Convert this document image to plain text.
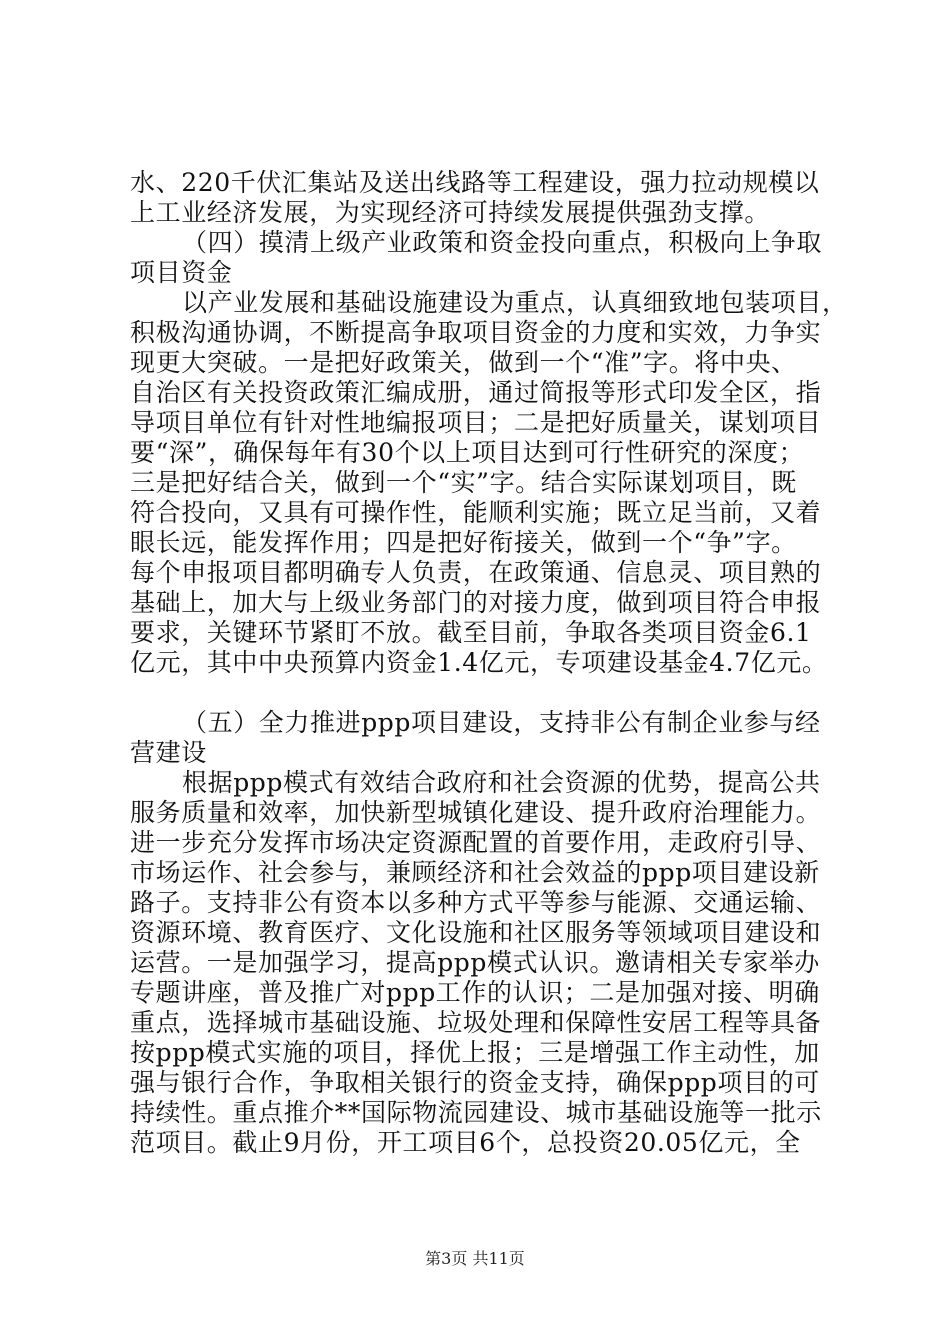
水、220千伏汇集站及送出线路等工程建设，强力拉动规模以
上工业经济发展，为实现经济可持续发展提供强劲支撑。
（四）摸清上级产业政策和资金投向重点，积极向上争取
项目资金
以产业发展和基础设施建设为重点，认真细致地包装项目，
积极沟通协调，不断提高争取项目资金的力度和实效，力争实
现更大突破。一是把好政策关，做到一个“准”字。将中央、
自治区有关投资政策汇编成册，通过简报等形式印发全区，指
导项目单位有针对性地编报项目；二是把好质量关，谋划项目
要“深”，确保每年有30个以上项目达到可行性研究的深度；
三是把好结合关，做到一个“实”字。结合实际谋划项目，既
符合投向，又具有可操作性，能顺利实施；既立足当前，又着
眼长远，能发挥作用；四是把好衔接关，做到一个“争”字。
每个申报项目都明确专人负责，在政策通、信息灵、项目熟的
基础上，加大与上级业务部门的对接力度，做到项目符合申报
要求，关键环节紧盯不放。截至目前，争取各类项目资金6.1
亿元，其中中央预算内资金1.4亿元，专项建设基金4.7亿元。
（五）全力推进ppp项目建设，支持非公有制企业参与经
营建设
根据ppp模式有效结合政府和社会资源的优势，提高公共
服务质量和效率，加快新型城镇化建设、提升政府治理能力。
进一步充分发挥市场决定资源配置的首要作用，走政府引导、
市场运作、社会参与，兼顾经济和社会效益的ppp项目建设新
路子。支持非公有资本以多种方式平等参与能源、交通运输、
资源环境、教育医疗、文化设施和社区服务等领域项目建设和
运营。一是加强学习，提高ppp模式认识。邀请相关专家举办
专题讲座，普及推广对ppp工作的认识；二是加强对接、明确
重点，选择城市基础设施、垃圾处理和保障性安居工程等具备
按ppp模式实施的项目，择优上报；三是增强工作主动性，加
强与银行合作，争取相关银行的资金支持，确保ppp项目的可
持续性。重点推介**国际物流园建设、城市基础设施等一批示
范项目。截止9月份，开工项目6个，总投资20.05亿元，全
第3页 共11页
